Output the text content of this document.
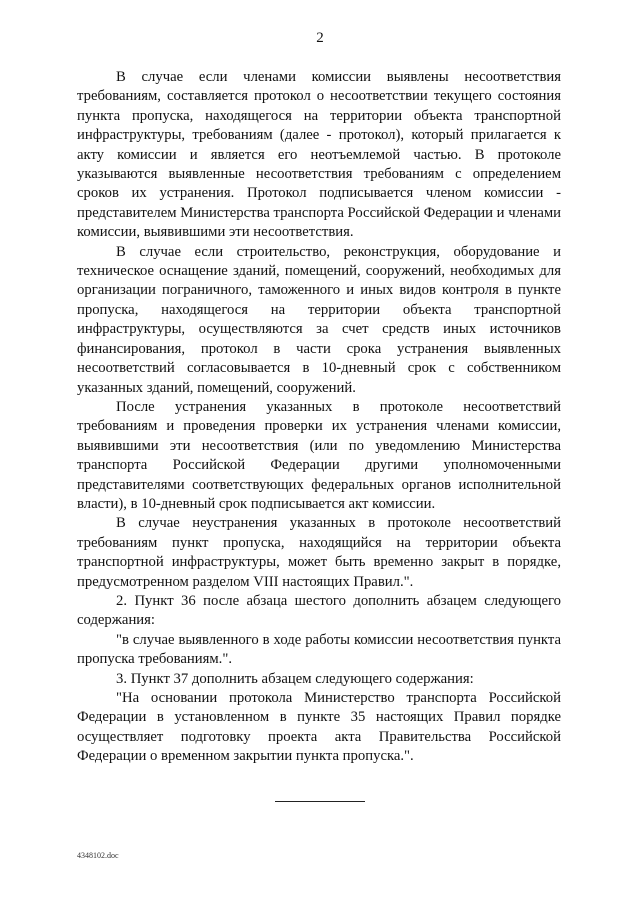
2

В случае если членами комиссии выявлены несоответствия требованиям, составляется протокол о несоответствии текущего состояния пункта пропуска, находящегося на территории объекта транспортной инфраструктуры, требованиям (далее - протокол), который прилагается к акту комиссии и является его неотъемлемой частью. В протоколе указываются выявленные несоответствия требованиям с определением сроков их устранения. Протокол подписывается членом комиссии - представителем Министерства транспорта Российской Федерации и членами комиссии, выявившими эти несоответствия.

В случае если строительство, реконструкция, оборудование и техническое оснащение зданий, помещений, сооружений, необходимых для организации пограничного, таможенного и иных видов контроля в пункте пропуска, находящегося на территории объекта транспортной инфраструктуры, осуществляются за счет средств иных источников финансирования, протокол в части срока устранения выявленных несоответствий согласовывается в 10-дневный срок с собственником указанных зданий, помещений, сооружений.

После устранения указанных в протоколе несоответствий требованиям и проведения проверки их устранения членами комиссии, выявившими эти несоответствия (или по уведомлению Министерства транспорта Российской Федерации другими уполномоченными представителями соответствующих федеральных органов исполнительной власти), в 10-дневный срок подписывается акт комиссии.

В случае неустранения указанных в протоколе несоответствий требованиям пункт пропуска, находящийся на территории объекта транспортной инфраструктуры, может быть временно закрыт в порядке, предусмотренном разделом VIII настоящих Правил.".

2. Пункт 36 после абзаца шестого дополнить абзацем следующего содержания:

"в случае выявленного в ходе работы комиссии несоответствия пункта пропуска требованиям.".

3. Пункт 37 дополнить абзацем следующего содержания:

"На основании протокола Министерство транспорта Российской Федерации в установленном в пункте 35 настоящих Правил порядке осуществляет подготовку проекта акта Правительства Российской Федерации о временном закрытии пункта пропуска.".

4348102.doc
